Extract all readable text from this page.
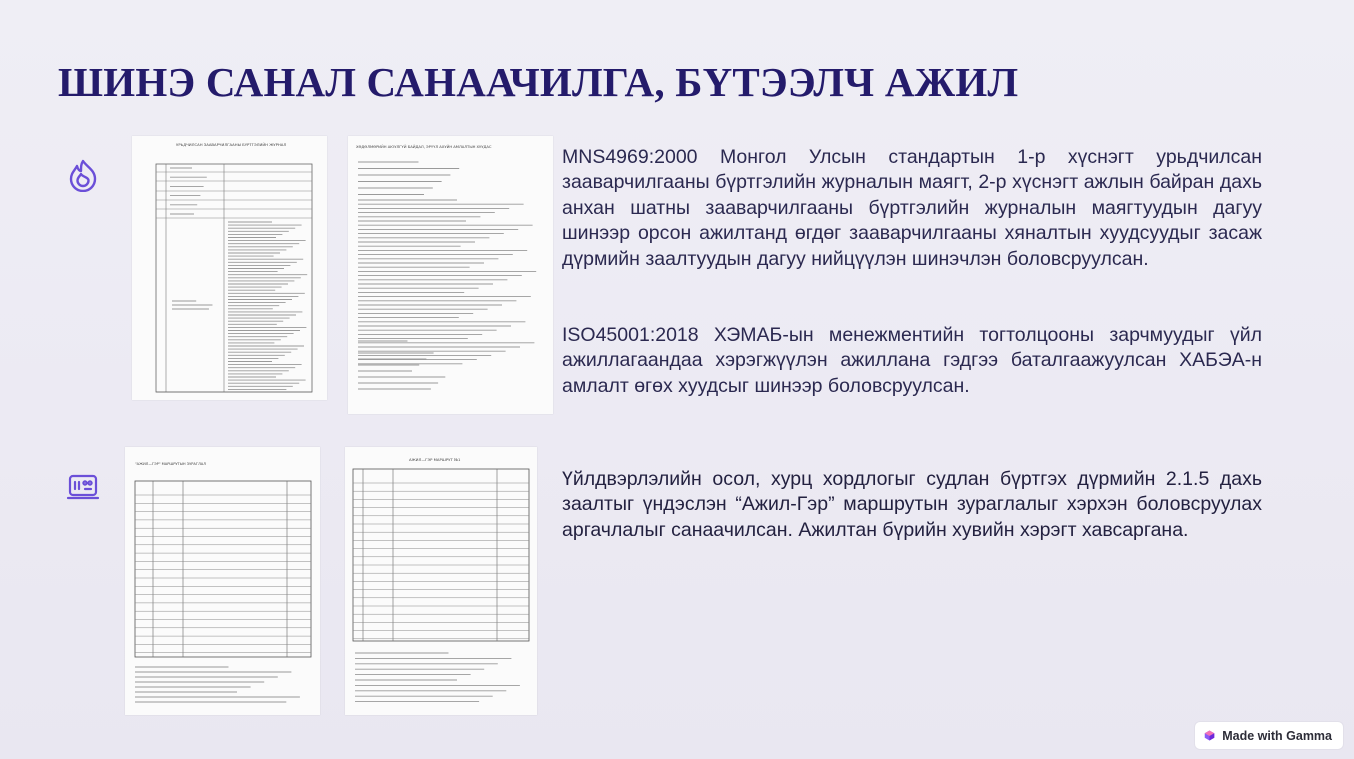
ШИНЭ САНАЛ САНААЧИЛГА, БҮТЭЭЛЧ АЖИЛ
УРЬДЧИЛСАН ЗААВАРЧИЛГААНЫ БҮРТГЭЛИЙН ЖУРНАЛ	ХӨДӨЛМӨРИЙН АЮУЛГҮЙ БАЙДАЛ, ЭРҮҮЛ АХУЙН АМЛАЛТЫН ХУУДАС	MNS4969:2000 Монгол Улсын стандартын 1-р хүснэгт урьдчилсан зааварчилгааны бүртгэлийн журналын маягт, 2-р хүснэгт ажлын байран дахь анхан шатны зааварчилгааны бүртгэлийн журналын маягтуудын дагуу шинээр орсон ажилтанд өгдөг зааварчилгааны хяналтын хуудсуудыг засаж дүрмийн заалтуудын дагуу нийцүүлэн шинэчлэн боловсруулсан.

ISO45001:2018 ХЭМАБ-ын менежментийн тогтолцооны зарчмуудыг үйл ажиллагаандаа хэрэгжүүлэн ажиллана гэдгээ баталгаажуулсан ХАБЭА-н амлалт өгөх хуудсыг шинээр боловсруулсан.

"АЖИЛ—ГЭР" МАРШРУТЫН ЗУРАГЛАЛ
АЖИЛ—ГЭР МАРШРУТ №1

Үйлдвэрлэлийн осол, хурц хордлогыг судлан бүртгэх дүрмийн 2.1.5 дахь заалтыг үндэслэн “Ажил-Гэр” маршрутын зураглалыг хэрхэн боловсруулах аргачлалыг санаачилсан. Ажилтан бүрийн хувийн хэрэгт хавсаргана.

Made with Gamma
